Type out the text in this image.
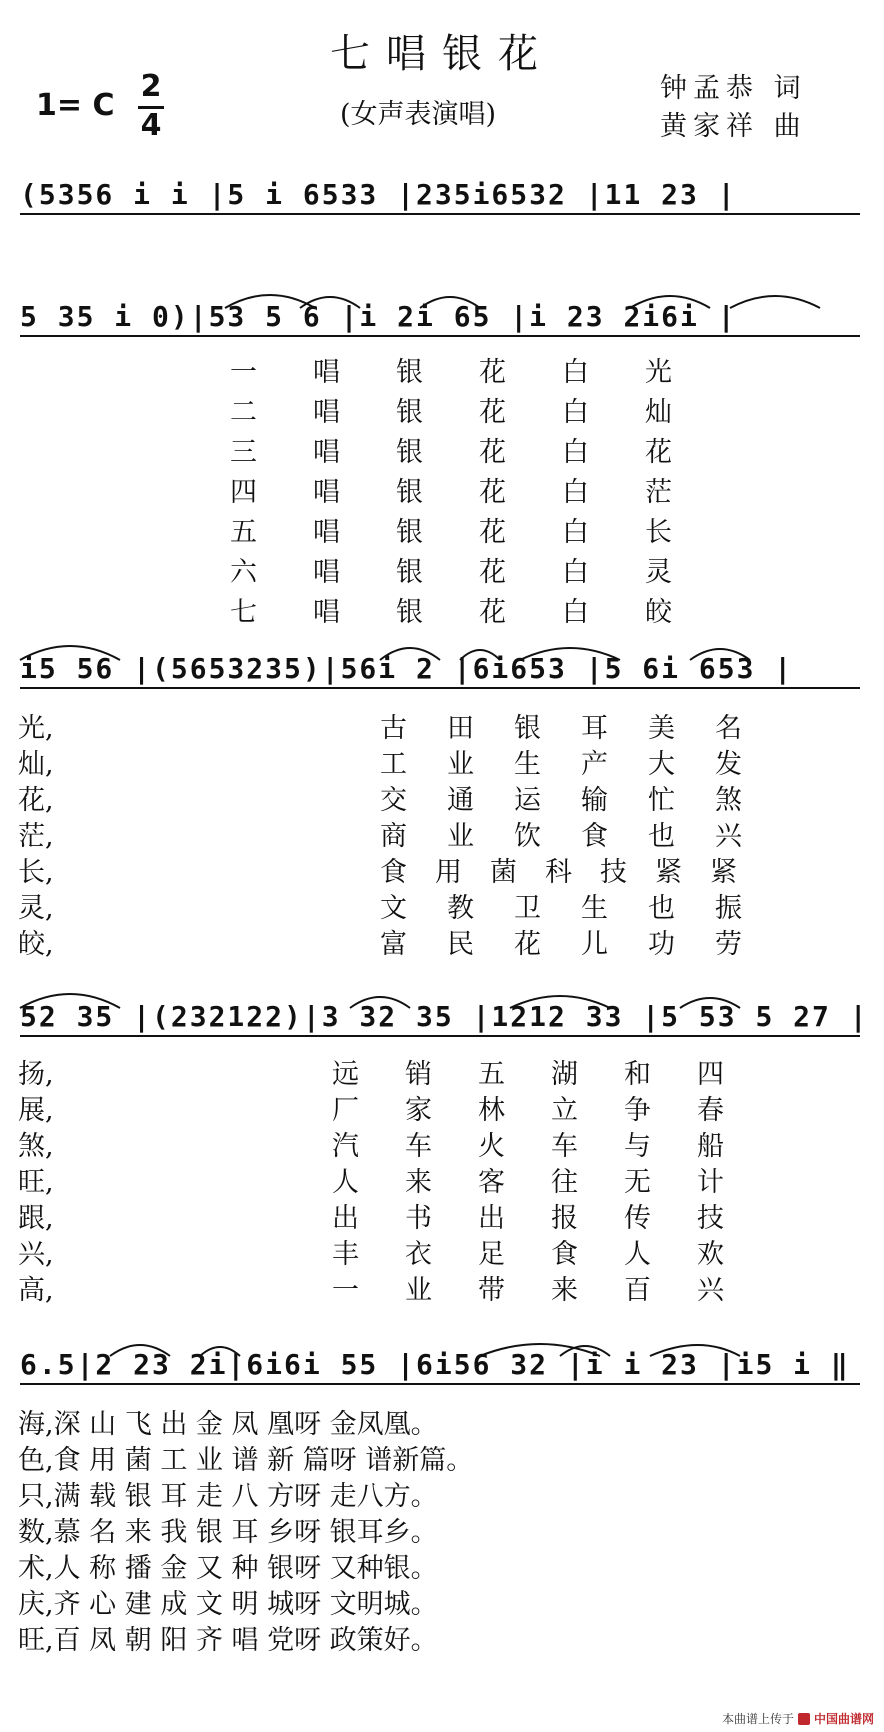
七唱银花
1= C
2
4	(女声表演唱)
钟孟恭 词
黄家祥 曲
(5356 i i |5 i 6533 |235i6532 |11 23 |
5 35 i 0)|53 5 6 |i 2i 65 |i 23 2i6i |
i5 56 |(5653235)|56i 2 |6i653 |5 6i 653 |
52 35 |(232122)|3 32 35 |1212 33 |5 53 5 27 |
6.5|2 23 2i|6i6i 55 |6i56 32 |i i 23 |i5 i ‖
一唱银花白光
二唱银花白灿
三唱银花白花
四唱银花白茫
五唱银花白长
六唱银花白灵
七唱银花白皎
光,
灿,
花,
茫,
长,
灵,
皎,
古田银耳美名
工业生产大发
交通运输忙煞
商业饮食也兴
食用菌科技紧紧
文教卫生也振
富民花儿功劳
扬,
展,
煞,
旺,
跟,
兴,
高,
远销五湖和四
厂家林立争春
汽车火车与船
人来客往无计
出书出报传技
丰衣足食人欢
一业带来百兴
海,深 山 飞 出 金 凤 凰呀 金凤凰。
色,食 用 菌 工 业 谱 新 篇呀 谱新篇。
只,满 载 银 耳 走 八 方呀 走八方。
数,慕 名 来 我 银 耳 乡呀 银耳乡。
术,人 称 播 金 又 种 银呀 又种银。
庆,齐 心 建 成 文 明 城呀 文明城。
旺,百 凤 朝 阳 齐 唱 党呀 政策好。
本曲谱上传于 中国曲谱网
